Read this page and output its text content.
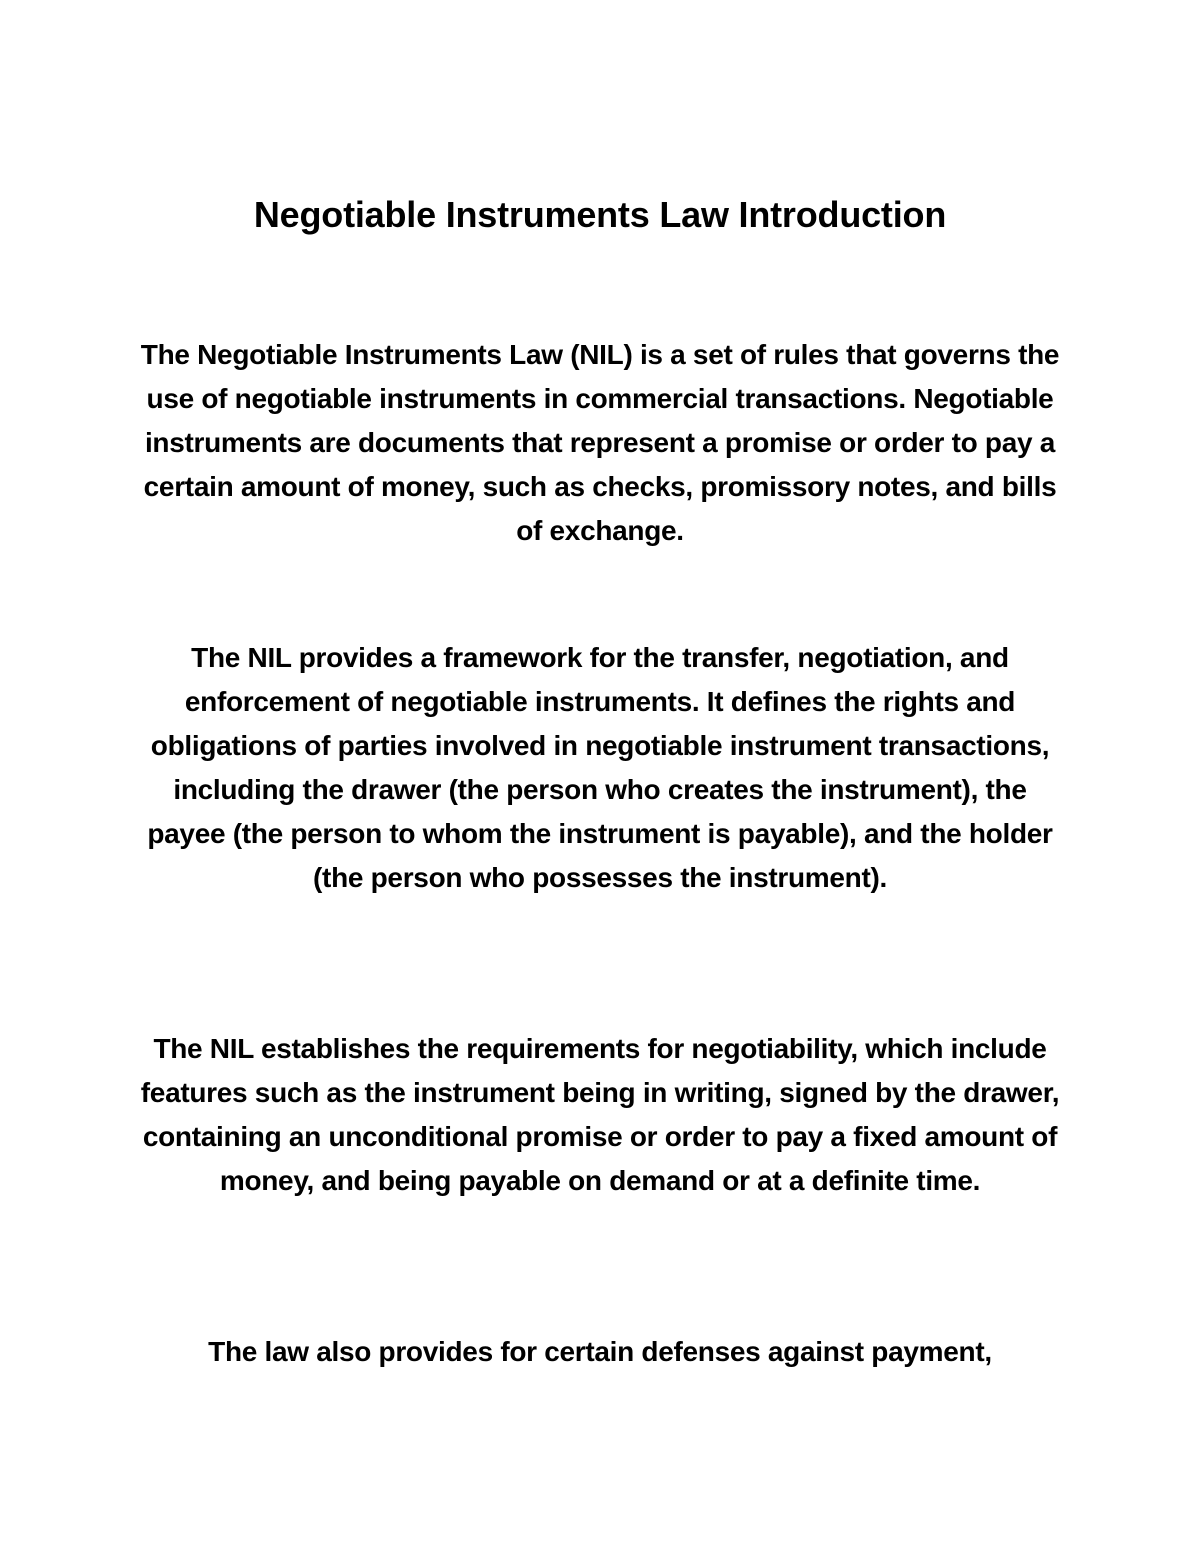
Negotiable Instruments Law Introduction

The Negotiable Instruments Law (NIL) is a set of rules that governs the use of negotiable instruments in commercial transactions. Negotiable instruments are documents that represent a promise or order to pay a certain amount of money, such as checks, promissory notes, and bills of exchange.

The NIL provides a framework for the transfer, negotiation, and enforcement of negotiable instruments. It defines the rights and obligations of parties involved in negotiable instrument transactions, including the drawer (the person who creates the instrument), the payee (the person to whom the instrument is payable), and the holder (the person who possesses the instrument).

The NIL establishes the requirements for negotiability, which include features such as the instrument being in writing, signed by the drawer, containing an unconditional promise or order to pay a fixed amount of money, and being payable on demand or at a definite time.

The law also provides for certain defenses against payment,
